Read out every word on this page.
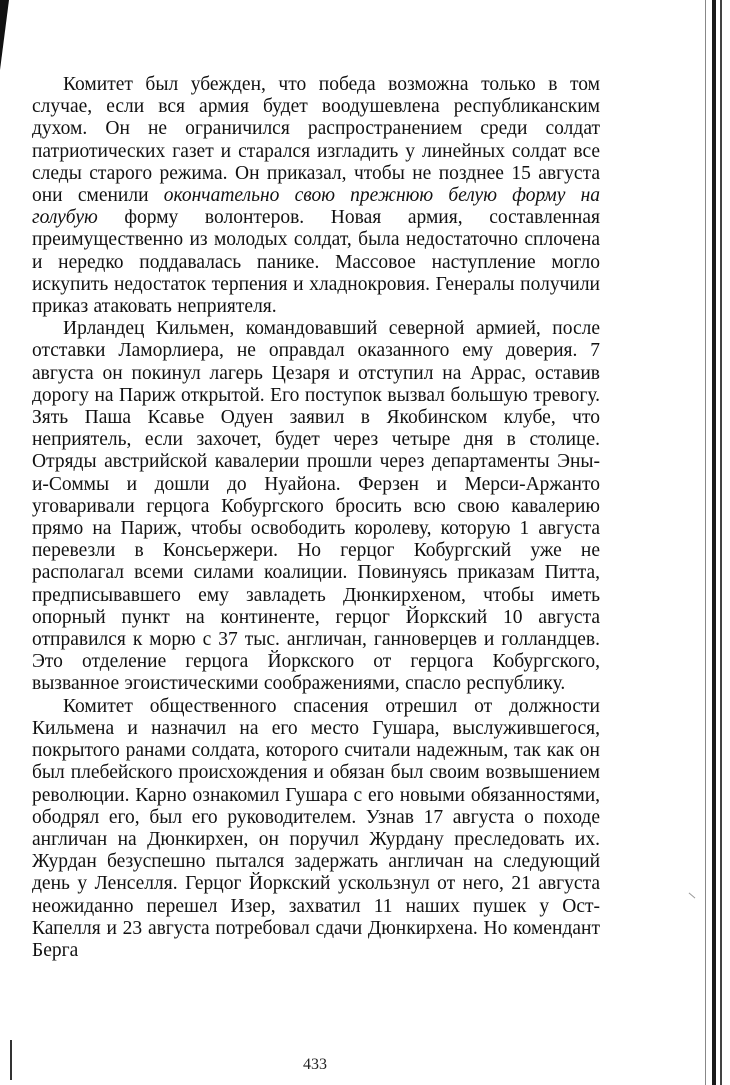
Комитет был убежден, что победа возможна только в том случае, если вся армия будет воодушевлена республиканским духом. Он не ограничился распространением среди солдат патриотических газет и старался изгладить у линейных солдат все следы старого режима. Он приказал, чтобы не позднее 15 августа они сменили окончательно свою прежнюю белую форму на голубую форму волонтеров. Новая армия, составленная преимущественно из молодых солдат, была недостаточно сплочена и нередко поддавалась панике. Массовое наступление могло искупить недостаток терпения и хладнокровия. Генералы получили приказ атаковать неприятеля.

Ирландец Кильмен, командовавший северной армией, после отставки Ламорлиера, не оправдал оказанного ему доверия. 7 августа он покинул лагерь Цезаря и отступил на Аррас, оставив дорогу на Париж открытой. Его поступок вызвал большую тревогу. Зять Паша Ксавье Одуен заявил в Якобинском клубе, что неприятель, если захочет, будет через четыре дня в столице. Отряды австрийской кавалерии прошли через департаменты Эны-и-Соммы и дошли до Нуайона. Ферзен и Мерси-Аржанто уговаривали герцога Кобургского бросить всю свою кавалерию прямо на Париж, чтобы освободить королеву, которую 1 августа перевезли в Консьержери. Но герцог Кобургский уже не располагал всеми силами коалиции. Повинуясь приказам Питта, предписывавшего ему завладеть Дюнкирхеном, чтобы иметь опорный пункт на континенте, герцог Йоркский 10 августа отправился к морю с 37 тыс. англичан, ганноверцев и голландцев. Это отделение герцога Йоркского от герцога Кобургского, вызванное эгоистическими соображениями, спасло республику.

Комитет общественного спасения отрешил от должности Кильмена и назначил на его место Гушара, выслужившегося, покрытого ранами солдата, которого считали надежным, так как он был плебейского происхождения и обязан был своим возвышением революции. Карно ознакомил Гушара с его новыми обязанностями, ободрял его, был его руководителем. Узнав 17 августа о походе англичан на Дюнкирхен, он поручил Журдану преследовать их. Журдан безуспешно пытался задержать англичан на следующий день у Ленселля. Герцог Йоркский ускользнул от него, 21 августа неожиданно перешел Изер, захватил 11 наших пушек у Ост-Капелля и 23 августа потребовал сдачи Дюнкирхена. Но комендант Берга

433
